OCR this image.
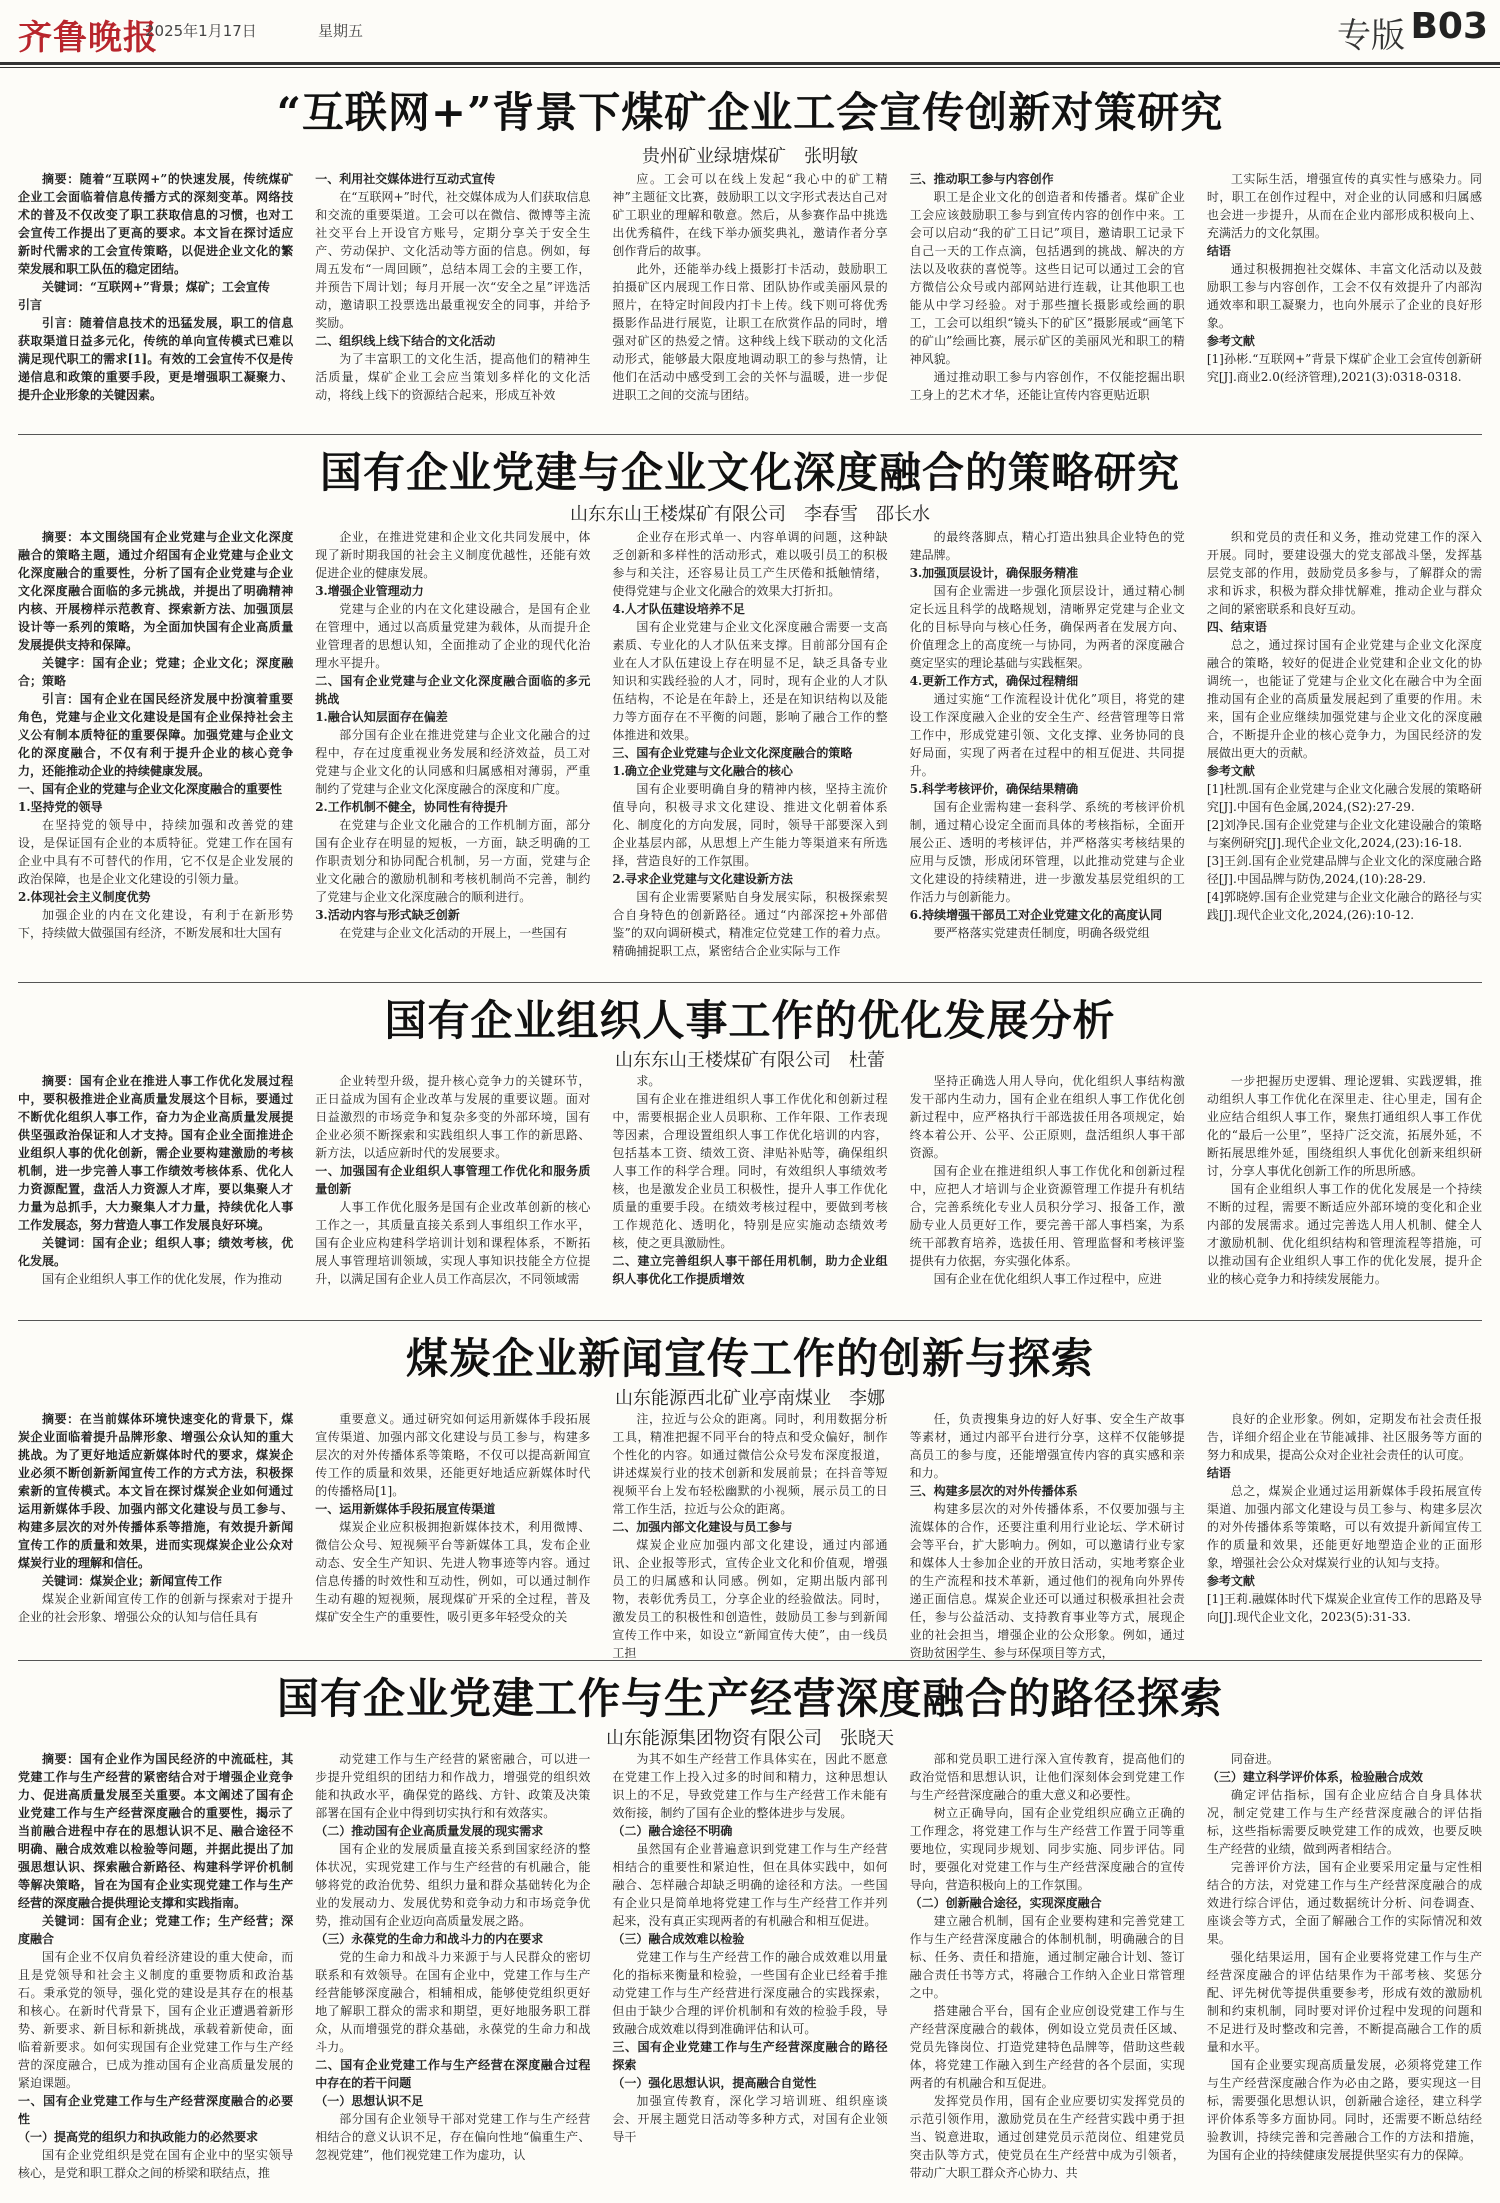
齐鲁晚报
2025年1月17日	星期五	专版 B03
“互联网+”背景下煤矿企业工会宣传创新对策研究
贵州矿业绿塘煤矿　张明敏

摘要：随着“互联网+”的快速发展，传统煤矿企业工会面临着信息传播方式的深刻变革。网络技术的普及不仅改变了职工获取信息的习惯，也对工会宣传工作提出了更高的要求。本文旨在探讨适应新时代需求的工会宣传策略，以促进企业文化的繁荣发展和职工队伍的稳定团结。

关键词：“互联网+”背景；煤矿；工会宣传

引言

引言：随着信息技术的迅猛发展，职工的信息获取渠道日益多元化，传统的单向宣传模式已难以满足现代职工的需求[1]。有效的工会宣传不仅是传递信息和政策的重要手段，更是增强职工凝聚力、提升企业形象的关键因素。

一、利用社交媒体进行互动式宣传

在“互联网+”时代，社交媒体成为人们获取信息和交流的重要渠道。工会可以在微信、微博等主流社交平台上开设官方账号，定期分享关于安全生产、劳动保护、文化活动等方面的信息。例如，每周五发布“一周回顾”，总结本周工会的主要工作，并预告下周计划；每月开展一次“安全之星”评选活动，邀请职工投票选出最重视安全的同事，并给予奖励。

二、组织线上线下结合的文化活动

为了丰富职工的文化生活，提高他们的精神生活质量，煤矿企业工会应当策划多样化的文化活动，将线上线下的资源结合起来，形成互补效

应。工会可以在线上发起“我心中的矿工精神”主题征文比赛，鼓励职工以文字形式表达自己对矿工职业的理解和敬意。然后，从参赛作品中挑选出优秀稿件，在线下举办颁奖典礼，邀请作者分享创作背后的故事。

此外，还能举办线上摄影打卡活动，鼓励职工拍摄矿区内展现工作日常、团队协作或美丽风景的照片，在特定时间段内打卡上传。线下则可将优秀摄影作品进行展览，让职工在欣赏作品的同时，增强对矿区的热爱之情。这种线上线下联动的文化活动形式，能够最大限度地调动职工的参与热情，让他们在活动中感受到工会的关怀与温暖，进一步促进职工之间的交流与团结。

三、推动职工参与内容创作

职工是企业文化的创造者和传播者。煤矿企业工会应该鼓励职工参与到宣传内容的创作中来。工会可以启动“我的矿工日记”项目，邀请职工记录下自己一天的工作点滴，包括遇到的挑战、解决的方法以及收获的喜悦等。这些日记可以通过工会的官方微信公众号或内部网站进行连载，让其他职工也能从中学习经验。对于那些擅长摄影或绘画的职工，工会可以组织“镜头下的矿区”摄影展或“画笔下的矿山”绘画比赛，展示矿区的美丽风光和职工的精神风貌。

通过推动职工参与内容创作，不仅能挖掘出职工身上的艺术才华，还能让宣传内容更贴近职

工实际生活，增强宣传的真实性与感染力。同时，职工在创作过程中，对企业的认同感和归属感也会进一步提升，从而在企业内部形成积极向上、充满活力的文化氛围。

结语

通过积极拥抱社交媒体、丰富文化活动以及鼓励职工参与内容创作，工会不仅有效提升了内部沟通效率和职工凝聚力，也向外展示了企业的良好形象。

参考文献

[1]孙彬.“互联网+”背景下煤矿企业工会宣传创新研究[J].商业2.0(经济管理),2021(3):0318-0318.

国有企业党建与企业文化深度融合的策略研究
山东东山王楼煤矿有限公司　李春雪　邵长水

摘要：本文围绕国有企业党建与企业文化深度融合的策略主题，通过介绍国有企业党建与企业文化深度融合的重要性，分析了国有企业党建与企业文化深度融合面临的多元挑战，并提出了明确精神内核、开展榜样示范教育、探索新方法、加强顶层设计等一系列的策略，为全面加快国有企业高质量发展提供支持和保障。

关键字：国有企业；党建；企业文化；深度融合；策略

引言：国有企业在国民经济发展中扮演着重要角色，党建与企业文化建设是国有企业保持社会主义公有制本质特征的重要保障。加强党建与企业文化的深度融合，不仅有利于提升企业的核心竞争力，还能推动企业的持续健康发展。

一、国有企业的党建与企业文化深度融合的重要性
1.坚持党的领导

在坚持党的领导中，持续加强和改善党的建设，是保证国有企业的本质特征。党建工作在国有企业中具有不可替代的作用，它不仅是企业发展的政治保障，也是企业文化建设的引领力量。

2.体现社会主义制度优势

加强企业的内在文化建设，有利于在新形势下，持续做大做强国有经济，不断发展和壮大国有

企业，在推进党建和企业文化共同发展中，体现了新时期我国的社会主义制度优越性，还能有效促进企业的健康发展。

3.增强企业管理动力

党建与企业的内在文化建设融合，是国有企业在管理中，通过以高质量党建为载体，从而提升企业管理者的思想认知，全面推动了企业的现代化治理水平提升。

二、国有企业党建与企业文化深度融合面临的多元挑战
1.融合认知层面存在偏差

部分国有企业在推进党建与企业文化融合的过程中，存在过度重视业务发展和经济效益，员工对党建与企业文化的认同感和归属感相对薄弱，严重制约了党建与企业文化深度融合的深度和广度。

2.工作机制不健全，协同性有待提升

在党建与企业文化融合的工作机制方面，部分国有企业存在明显的短板，一方面，缺乏明确的工作职责划分和协同配合机制，另一方面，党建与企业文化融合的激励机制和考核机制尚不完善，制约了党建与企业文化深度融合的顺利进行。

3.活动内容与形式缺乏创新

在党建与企业文化活动的开展上，一些国有

企业存在形式单一、内容单调的问题，这种缺乏创新和多样性的活动形式，难以吸引员工的积极参与和关注，还容易让员工产生厌倦和抵触情绪，使得党建与企业文化融合的效果大打折扣。

4.人才队伍建设培养不足

国有企业党建与企业文化深度融合需要一支高素质、专业化的人才队伍来支撑。目前部分国有企业在人才队伍建设上存在明显不足，缺乏具备专业知识和实践经验的人才，同时，现有企业的人才队伍结构，不论是在年龄上，还是在知识结构以及能力等方面存在不平衡的问题，影响了融合工作的整体推进和效果。

三、国有企业党建与企业文化深度融合的策略
1.确立企业党建与文化融合的核心

国有企业要明确自身的精神内核，坚持主流价值导向，积极寻求文化建设、推进文化朝着体系化、制度化的方向发展，同时，领导干部要深入到企业基层内部，从思想上产生能力等渠道来有所选择，营造良好的工作氛围。

2.寻求企业党建与文化建设新方法

国有企业需要紧贴自身发展实际，积极探索契合自身特色的创新路径。通过“内部深挖+外部借鉴”的双向调研模式，精准定位党建工作的着力点。精确捕捉职工点，紧密结合企业实际与工作

的最终落脚点，精心打造出独具企业特色的党建品牌。

3.加强顶层设计，确保服务精准

国有企业需进一步强化顶层设计，通过精心制定长远且科学的战略规划，清晰界定党建与企业文化的目标导向与核心任务，确保两者在发展方向、价值理念上的高度统一与协同，为两者的深度融合奠定坚实的理论基础与实践框架。

4.更新工作方式，确保过程精细

通过实施“工作流程设计优化”项目，将党的建设工作深度融入企业的安全生产、经营管理等日常工作中，形成党建引领、文化支撑、业务协同的良好局面，实现了两者在过程中的相互促进、共同提升。

5.科学考核评价，确保结果精确

国有企业需构建一套科学、系统的考核评价机制，通过精心设定全面而具体的考核指标，全面开展公正、透明的考核评估，并严格落实考核结果的应用与反馈，形成闭环管理，以此推动党建与企业文化建设的持续精进，进一步激发基层党组织的工作活力与创新能力。

6.持续增强干部员工对企业党建文化的高度认同

要严格落实党建责任制度，明确各级党组

织和党员的责任和义务，推动党建工作的深入开展。同时，要建设强大的党支部战斗堡，发挥基层党支部的作用，鼓励党员多参与，了解群众的需求和诉求，积极为群众排忧解难，推动企业与群众之间的紧密联系和良好互动。

四、结束语

总之，通过探讨国有企业党建与企业文化深度融合的策略，较好的促进企业党建和企业文化的协调统一，也能证了党建与企业文化在融合中为全面推动国有企业的高质量发展起到了重要的作用。未来，国有企业应继续加强党建与企业文化的深度融合，不断提升企业的核心竞争力，为国民经济的发展做出更大的贡献。

参考文献

[1]杜凯.国有企业党建与企业文化融合发展的策略研究[J].中国有色金属,2024,(S2):27-29.

[2]刘净民.国有企业党建与企业文化建设融合的策略与案例研究[J].现代企业文化,2024,(23):16-18.

[3]王剑.国有企业党建品牌与企业文化的深度融合路径[J].中国品牌与防伪,2024,(10):28-29.

[4]郭晓婷.国有企业党建与企业文化融合的路径与实践[J].现代企业文化,2024,(26):10-12.

国有企业组织人事工作的优化发展分析
山东东山王楼煤矿有限公司　杜蕾

摘要：国有企业在推进人事工作优化发展过程中，要积极推进企业高质量发展这个目标，要通过不断优化组织人事工作，奋力为企业高质量发展提供坚强政治保证和人才支持。国有企业全面推进企业组织人事的优化创新，需企业要构建激励的考核机制，进一步完善人事工作绩效考核体系、优化人力资源配置，盘活人力资源人才库，要以集聚人才力量为总抓手，大力聚集人才力量，持续优化人事工作发展态，努力营造人事工作发展良好环境。

关键词：国有企业；组织人事；绩效考核，优化发展。

国有企业组织人事工作的优化发展，作为推动

企业转型升级，提升核心竞争力的关键环节，正日益成为国有企业改革与发展的重要议题。面对日益激烈的市场竞争和复杂多变的外部环境，国有企业必须不断探索和实践组织人事工作的新思路、新方法，以适应新时代的发展要求。

一、加强国有企业组织人事管理工作优化和服务质量创新

人事工作优化服务是国有企业改革创新的核心工作之一，其质量直接关系到人事组织工作水平，国有企业应构建科学培训计划和课程体系，不断拓展人事管理培训领域，实现人事知识技能全方位提升，以满足国有企业人员工作高层次，不同领域需

求。

国有企业在推进组织人事工作优化和创新过程中，需要根据企业人员职称、工作年限、工作表现等因素，合理设置组织人事工作优化培训的内容，包括基本工资、绩效工资、津贴补贴等，确保组织人事工作的科学合理。同时，有效组织人事绩效考核，也是激发企业员工积极性，提升人事工作优化质量的重要手段。在绩效考核过程中，要做到考核工作规范化、透明化，特别是应实施动态绩效考核，使之更具激励性。

二、建立完善组织人事干部任用机制，助力企业组织人事优化工作提质增效

坚持正确选人用人导向，优化组织人事结构激发干部内生动力，国有企业在组织人事工作优化创新过程中，应严格执行干部选拔任用各项规定，始终本着公开、公平、公正原则，盘活组织人事干部资源。

国有企业在推进组织人事工作优化和创新过程中，应把人才培训与企业资源管理工作提升有机结合，完善系统化专业人员积分学习、报备工作，激励专业人员更好工作，要完善干部人事档案，为系统干部教育培养，选拔任用、管理监督和考核评鉴提供有力依据，夯实强化体系。

国有企业在优化组织人事工作过程中，应进

一步把握历史逻辑、理论逻辑、实践逻辑，推动组织人事工作优化在深里走、往心里走，国有企业应结合组织人事工作，聚焦打通组织人事工作优化的“最后一公里”，坚持广泛交流，拓展外延，不断拓展思维外延，围绕组织人事优化创新来组织研讨，分享人事优化创新工作的所思所感。

国有企业组织人事工作的优化发展是一个持续不断的过程，需要不断适应外部环境的变化和企业内部的发展需求。通过完善选人用人机制、健全人才激励机制、优化组织结构和管理流程等措施，可以推动国有企业组织人事工作的优化发展，提升企业的核心竞争力和持续发展能力。

煤炭企业新闻宣传工作的创新与探索
山东能源西北矿业亭南煤业　李娜

摘要：在当前媒体环境快速变化的背景下，煤炭企业面临着提升品牌形象、增强公众认知的重大挑战。为了更好地适应新媒体时代的要求，煤炭企业必须不断创新新闻宣传工作的方式方法，积极探索新的宣传模式。本文旨在探讨煤炭企业如何通过运用新媒体手段、加强内部文化建设与员工参与、构建多层次的对外传播体系等措施，有效提升新闻宣传工作的质量和效果，进而实现煤炭企业公众对煤炭行业的理解和信任。

关键词：煤炭企业；新闻宣传工作

煤炭企业新闻宣传工作的创新与探索对于提升企业的社会形象、增强公众的认知与信任具有

重要意义。通过研究如何运用新媒体手段拓展宣传渠道、加强内部文化建设与员工参与，构建多层次的对外传播体系等策略，不仅可以提高新闻宣传工作的质量和效果，还能更好地适应新媒体时代的传播格局[1]。

一、运用新媒体手段拓展宣传渠道

煤炭企业应积极拥抱新媒体技术，利用微博、微信公众号、短视频平台等新媒体工具，发布企业动态、安全生产知识、先进人物事迹等内容。通过信息传播的时效性和互动性，例如，可以通过制作生动有趣的短视频，展现煤矿开采的全过程，普及煤矿安全生产的重要性，吸引更多年轻受众的关

注，拉近与公众的距离。同时，利用数据分析工具，精准把握不同平台的特点和受众偏好，制作个性化的内容。如通过微信公众号发布深度报道，讲述煤炭行业的技术创新和发展前景；在抖音等短视频平台上发布轻松幽默的小视频，展示员工的日常工作生活，拉近与公众的距离。

二、加强内部文化建设与员工参与

煤炭企业应加强内部文化建设，通过内部通讯、企业报等形式，宣传企业文化和价值观，增强员工的归属感和认同感。例如，定期出版内部刊物，表彰优秀员工，分享企业的经验做法。同时，激发员工的积极性和创造性，鼓励员工参与到新闻宣传工作中来，如设立“新闻宣传大使”，由一线员工担

任，负责搜集身边的好人好事、安全生产故事等素材，通过内部平台进行分享，这样不仅能够提高员工的参与度，还能增强宣传内容的真实感和亲和力。

三、构建多层次的对外传播体系

构建多层次的对外传播体系，不仅要加强与主流媒体的合作，还要注重利用行业论坛、学术研讨会等平台，扩大影响力。例如，可以邀请行业专家和媒体人士参加企业的开放日活动，实地考察企业的生产流程和技术革新，通过他们的视角向外界传递正面信息。煤炭企业还可以通过积极承担社会责任，参与公益活动、支持教育事业等方式，展现企业的社会担当，增强企业的公众形象。例如，通过资助贫困学生、参与环保项目等方式，

良好的企业形象。例如，定期发布社会责任报告，详细介绍企业在节能减排、社区服务等方面的努力和成果，提高公众对企业社会责任的认可度。

结语

总之，煤炭企业通过运用新媒体手段拓展宣传渠道、加强内部文化建设与员工参与、构建多层次的对外传播体系等策略，可以有效提升新闻宣传工作的质量和效果，还能更好地塑造企业的正面形象，增强社会公众对煤炭行业的认知与支持。

参考文献

[1]王莉.融媒体时代下煤炭企业宣传工作的思路及导向[J].现代企业文化，2023(5):31-33.

国有企业党建工作与生产经营深度融合的路径探索
山东能源集团物资有限公司　张晓天

摘要：国有企业作为国民经济的中流砥柱，其党建工作与生产经营的紧密结合对于增强企业竞争力、促进高质量发展至关重要。本文阐述了国有企业党建工作与生产经营深度融合的重要性，揭示了当前融合进程中存在的思想认识不足、融合途径不明确、融合成效难以检验等问题，并据此提出了加强思想认识、探索融合新路径、构建科学评价机制等解决策略，旨在为国有企业实现党建工作与生产经营的深度融合提供理论支撑和实践指南。

关键词：国有企业；党建工作；生产经营；深度融合

国有企业不仅肩负着经济建设的重大使命，而且是党领导和社会主义制度的重要物质和政治基石。秉承党的领导，强化党的建设是其存在的根基和核心。在新时代背景下，国有企业正遭遇着新形势、新要求、新目标和新挑战，承载着新使命，面临着新要求。如何实现国有企业党建工作与生产经营的深度融合，已成为推动国有企业高质量发展的紧迫课题。

一、国有企业党建工作与生产经营深度融合的必要性
（一）提高党的组织力和执政能力的必然要求

国有企业党组织是党在国有企业中的坚实领导核心，是党和职工群众之间的桥梁和联结点，推

动党建工作与生产经营的紧密融合，可以进一步提升党组织的团结力和作战力，增强党的组织效能和执政水平，确保党的路线、方针、政策及决策部署在国有企业中得到切实执行和有效落实。

（二）推动国有企业高质量发展的现实需求

国有企业的发展质量直接关系到国家经济的整体状况，实现党建工作与生产经营的有机融合，能够将党的政治优势、组织力量和群众基础转化为企业的发展动力、发展优势和竞争动力和市场竞争优势，推动国有企业迈向高质量发展之路。

（三）永葆党的生命力和战斗力的内在要求

党的生命力和战斗力来源于与人民群众的密切联系和有效领导。在国有企业中，党建工作与生产经营能够深度融合，相辅相成，能够使党组织更好地了解职工群众的需求和期望，更好地服务职工群众，从而增强党的群众基础，永葆党的生命力和战斗力。

二、国有企业党建工作与生产经营在深度融合过程中存在的若干问题
（一）思想认识不足

部分国有企业领导干部对党建工作与生产经营相结合的意义认识不足，存在偏向性地“偏重生产、忽视党建”，他们视党建工作为虚功，认

为其不如生产经营工作具体实在，因此不愿意在党建工作上投入过多的时间和精力，这种思想认识上的不足，导致党建工作与生产经营工作未能有效衔接，制约了国有企业的整体进步与发展。

（二）融合途径不明确

虽然国有企业普遍意识到党建工作与生产经营相结合的重要性和紧迫性，但在具体实践中，如何融合、怎样融合却缺乏明确的途径和方法。一些国有企业只是简单地将党建工作与生产经营工作并列起来，没有真正实现两者的有机融合和相互促进。

（三）融合成效难以检验

党建工作与生产经营工作的融合成效难以用量化的指标来衡量和检验，一些国有企业已经着手推动党建工作与生产经营进行深度融合的实践探索，但由于缺少合理的评价机制和有效的检验手段，导致融合成效难以得到准确评估和认可。

三、国有企业党建工作与生产经营深度融合的路径探索
（一）强化思想认识，提高融合自觉性

加强宣传教育，深化学习培训班、组织座谈会、开展主题党日活动等多种方式，对国有企业领导干

部和党员职工进行深入宣传教育，提高他们的政治觉悟和思想认识，让他们深刻体会到党建工作与生产经营深度融合的重大意义和必要性。

树立正确导向，国有企业党组织应确立正确的工作理念，将党建工作与生产经营工作置于同等重要地位，实现同步规划、同步实施、同步评估。同时，要强化对党建工作与生产经营深度融合的宣传导向，营造积极向上的工作氛围。

（二）创新融合途径，实现深度融合

建立融合机制，国有企业要构建和完善党建工作与生产经营深度融合的体制机制，明确融合的目标、任务、责任和措施，通过制定融合计划、签订融合责任书等方式，将融合工作纳入企业日常管理之中。

搭建融合平台，国有企业应创设党建工作与生产经营深度融合的载体，例如设立党员责任区域、党员先锋岗位、打造党建特色品牌等，借助这些载体，将党建工作融入到生产经营的各个层面，实现两者的有机融合和互促进。

发挥党员作用，国有企业应要切实发挥党员的示范引领作用，激励党员在生产经营实践中勇于担当、锐意进取，通过创建党员示范岗位、组建党员突击队等方式，使党员在生产经营中成为引领者，带动广大职工群众齐心协力、共

同奋进。

（三）建立科学评价体系，检验融合成效

确定评估指标，国有企业应结合自身具体状况，制定党建工作与生产经营深度融合的评估指标，这些指标需要反映党建工作的成效，也要反映生产经营的业绩，做到两者相结合。

完善评价方法，国有企业要采用定量与定性相结合的方法，对党建工作与生产经营深度融合的成效进行综合评估，通过数据统计分析、问卷调查、座谈会等方式，全面了解融合工作的实际情况和效果。

强化结果运用，国有企业要将党建工作与生产经营深度融合的评估结果作为干部考核、奖惩分配、评先树优等提供重要参考，形成有效的激励机制和约束机制，同时要对评价过程中发现的问题和不足进行及时整改和完善，不断提高融合工作的质量和水平。

国有企业要实现高质量发展，必须将党建工作与生产经营深度融合作为必由之路，要实现这一目标，需要强化思想认识，创新融合途径，建立科学评价体系等多方面协同。同时，还需要不断总结经验教训，持续完善和完善融合工作的方法和措施，为国有企业的持续健康发展提供坚实有力的保障。
